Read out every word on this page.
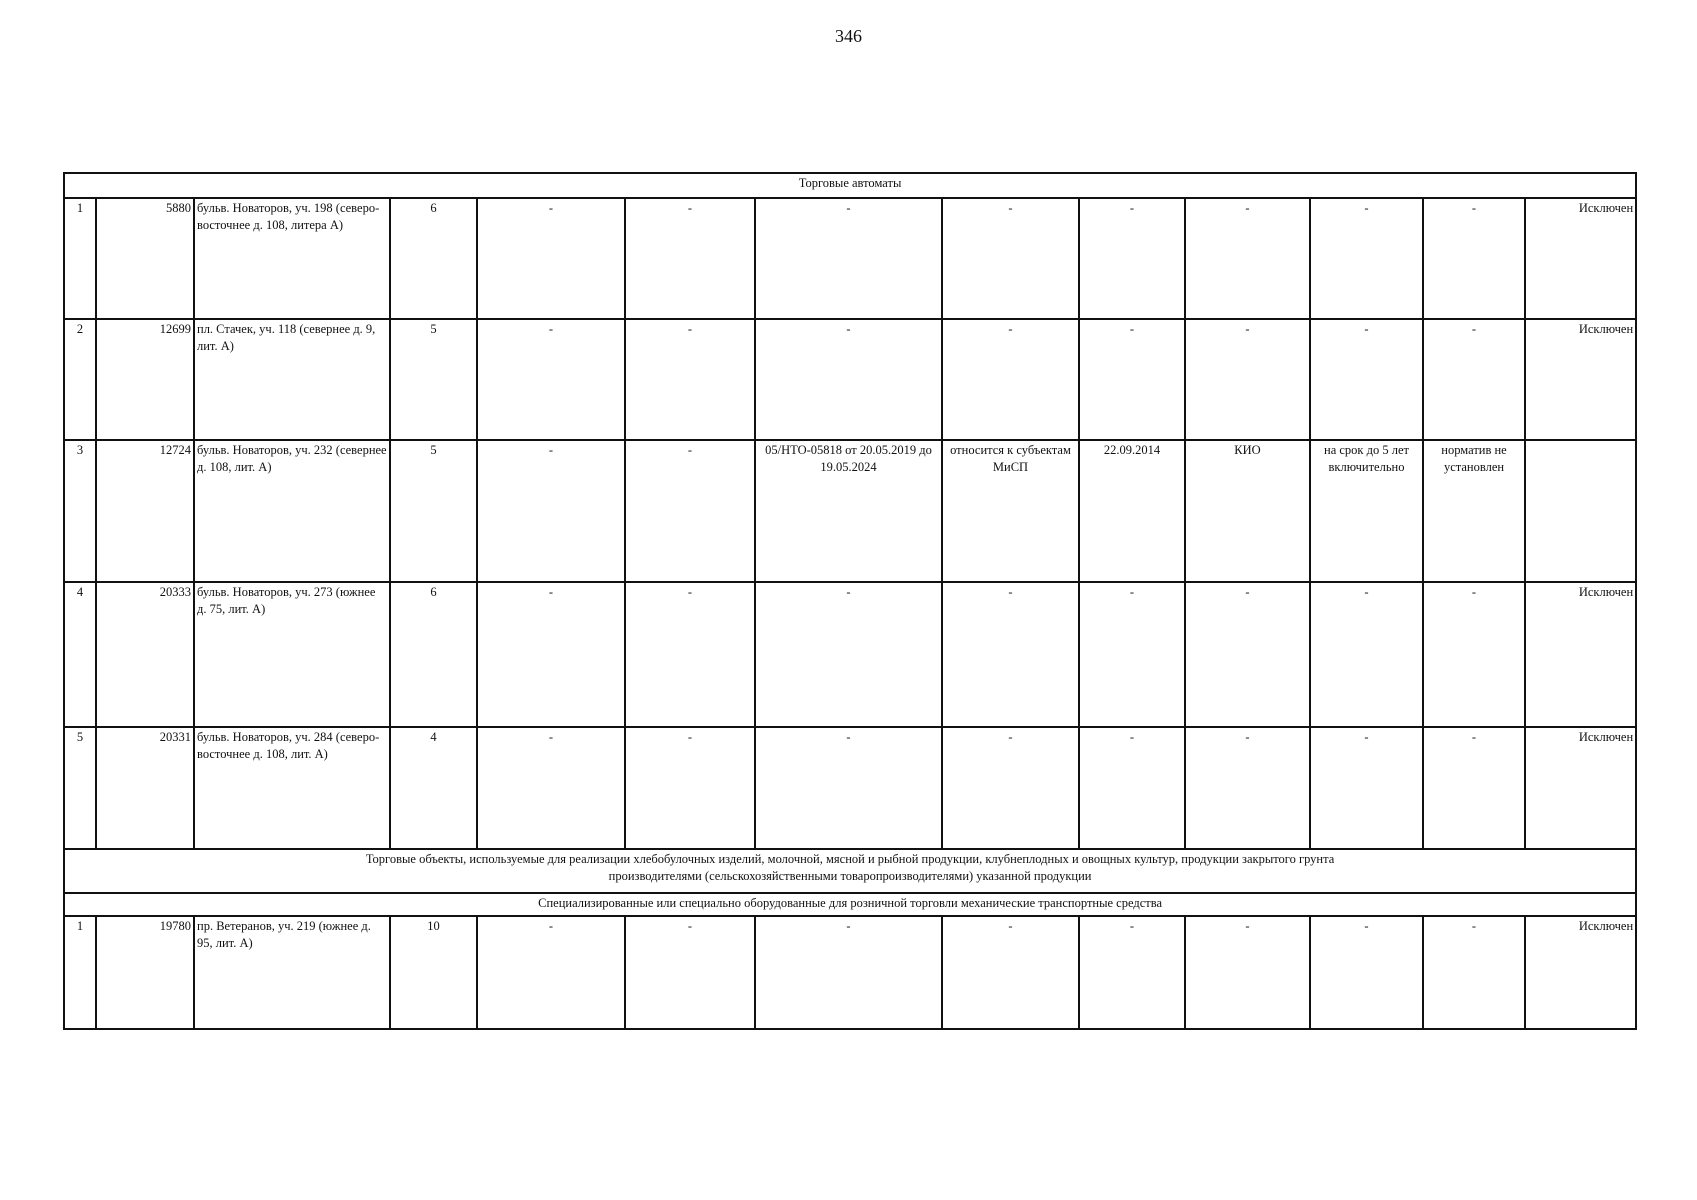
346
Торговые автоматы												
1	5880	бульв. Новаторов, уч. 198 (северо-восточнее д. 108, литера А)	6	-	-	-	-	-	-	-	-	Исключен
2	12699	пл. Стачек, уч. 118 (севернее д. 9, лит. А)	5	-	-	-	-	-	-	-	-	Исключен
3	12724	бульв. Новаторов, уч. 232 (севернее д. 108, лит. А)	5	-	-	05/НТО-05818 от 20.05.2019 до 19.05.2024	относится к субъектам МиСП	22.09.2014	КИО	на срок до 5 лет включительно	норматив не установлен	
4	20333	бульв. Новаторов, уч. 273 (южнее д. 75, лит. А)	6	-	-	-	-	-	-	-	-	Исключен
5	20331	бульв. Новаторов, уч. 284 (северо-восточнее д. 108, лит. А)	4	-	-	-	-	-	-	-	-	Исключен
Торговые объекты, используемые для реализации хлебобулочных изделий, молочной, мясной и рыбной продукции, клубнеплодных и овощных культур, продукции закрытого грунта производителями (сельскохозяйственными товаропроизводителями) указанной продукции												
Специализированные или специально оборудованные для розничной торговли механические транспортные средства												
1	19780	пр. Ветеранов, уч. 219 (южнее д. 95, лит. А)	10	-	-	-	-	-	-	-	-	Исключен
